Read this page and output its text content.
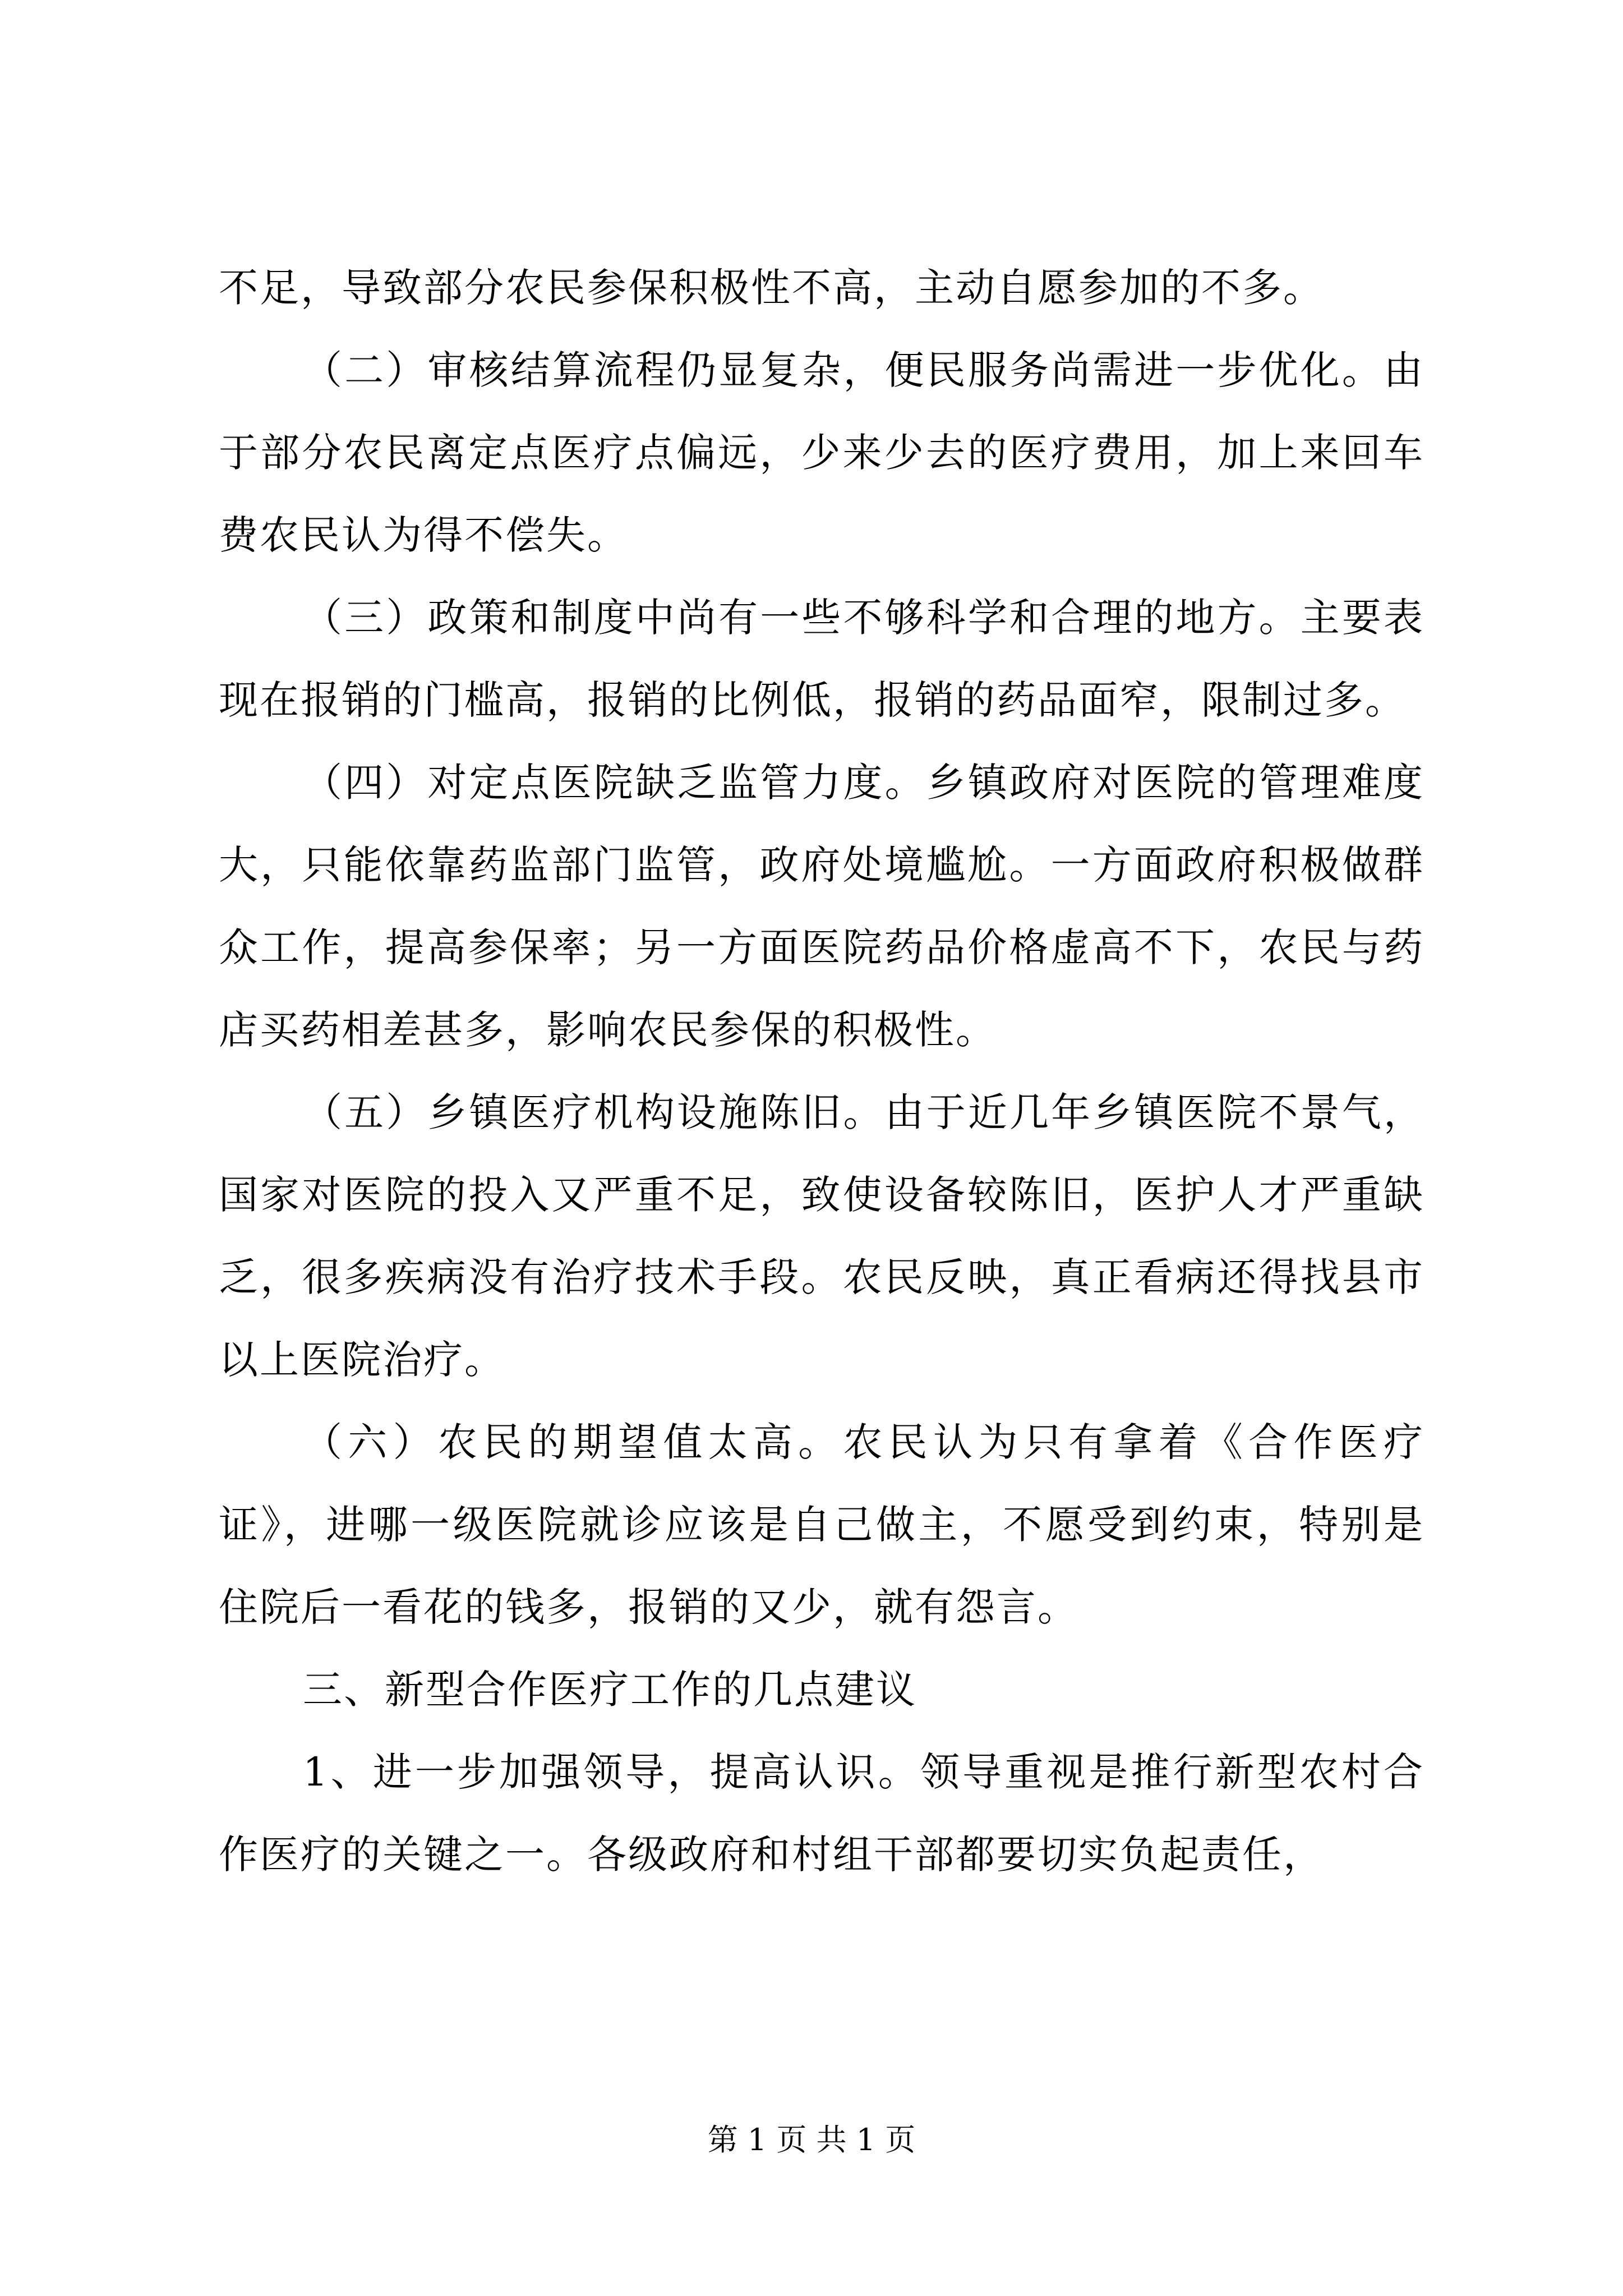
不足，导致部分农民参保积极性不高，主动自愿参加的不多。

（二）审核结算流程仍显复杂，便民服务尚需进一步优化。由于部分农民离定点医疗点偏远，少来少去的医疗费用，加上来回车费农民认为得不偿失。

（三）政策和制度中尚有一些不够科学和合理的地方。主要表现在报销的门槛高，报销的比例低，报销的药品面窄，限制过多。

（四）对定点医院缺乏监管力度。乡镇政府对医院的管理难度大，只能依靠药监部门监管，政府处境尴尬。一方面政府积极做群众工作，提高参保率；另一方面医院药品价格虚高不下，农民与药店买药相差甚多，影响农民参保的积极性。

（五）乡镇医疗机构设施陈旧。由于近几年乡镇医院不景气，国家对医院的投入又严重不足，致使设备较陈旧，医护人才严重缺乏，很多疾病没有治疗技术手段。农民反映，真正看病还得找县市以上医院治疗。

（六）农民的期望值太高。农民认为只有拿着《合作医疗证》，进哪一级医院就诊应该是自己做主，不愿受到约束，特别是住院后一看花的钱多，报销的又少，就有怨言。

三、新型合作医疗工作的几点建议

1、进一步加强领导，提高认识。领导重视是推行新型农村合作医疗的关键之一。各级政府和村组干部都要切实负起责任，

第 1 页 共 1 页
